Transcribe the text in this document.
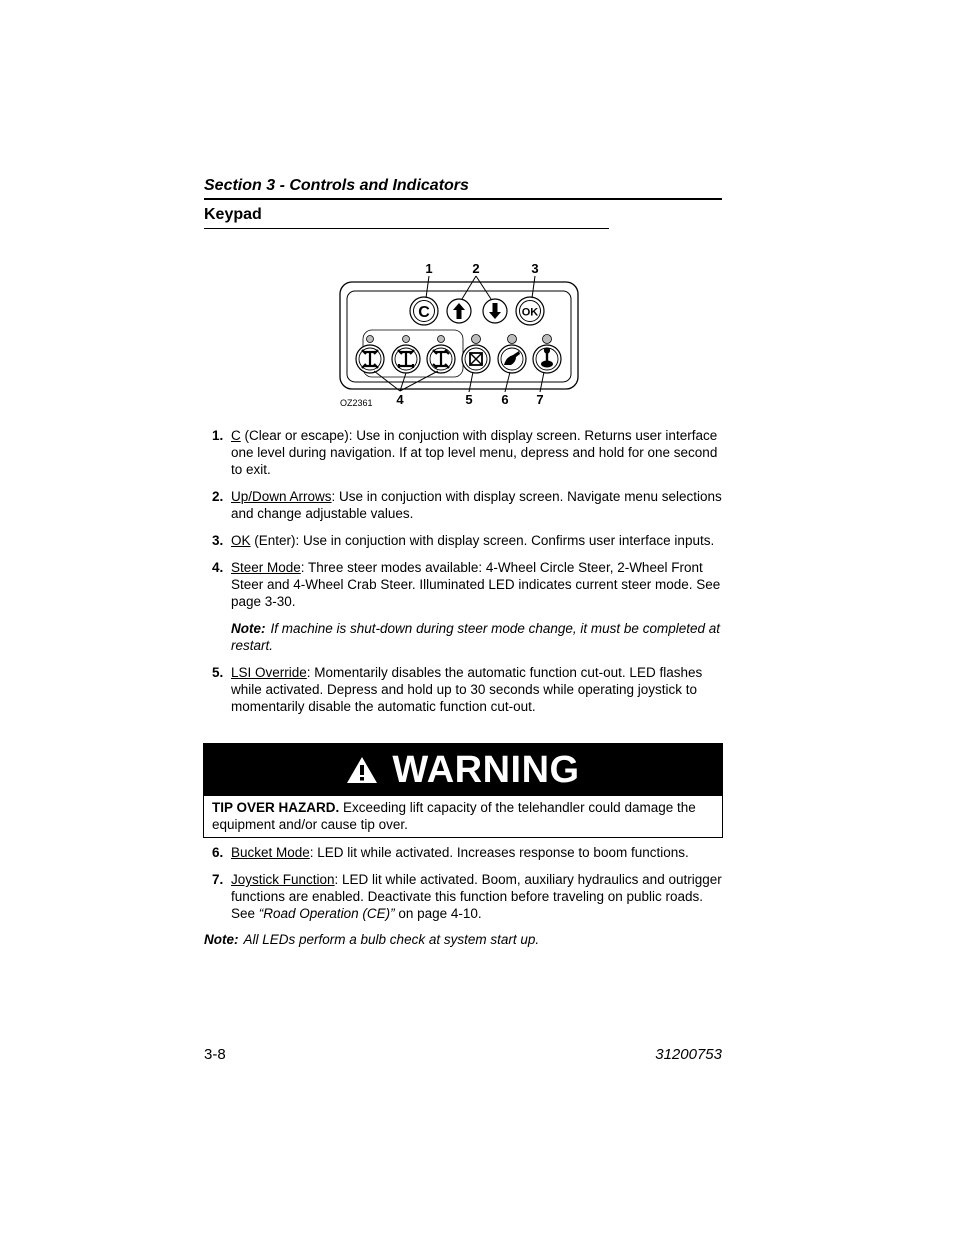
Section 3 - Controls and Indicators
Keypad
C	OK
1	2	3
4	5 6 7
OZ2361
1. C (Clear or escape): Use in conjuction with display screen. Returns user interface one level during navigation. If at top level menu, depress and hold for one second to exit.
2. Up/Down Arrows: Use in conjuction with display screen. Navigate menu selections and change adjustable values.
3. OK (Enter): Use in conjuction with display screen. Confirms user interface inputs.
4. Steer Mode: Three steer modes available: 4-Wheel Circle Steer, 2-Wheel Front Steer and 4-Wheel Crab Steer. Illuminated LED indicates current steer mode. See page 3-30.
Note: If machine is shut-down during steer mode change, it must be completed at restart.
5. LSI Override: Momentarily disables the automatic function cut-out. LED flashes while activated. Depress and hold up to 30 seconds while operating joystick to momentarily disable the automatic function cut-out.
WARNING
TIP OVER HAZARD. Exceeding lift capacity of the telehandler could damage the equipment and/or cause tip over.
6. Bucket Mode: LED lit while activated. Increases response to boom functions.
7. Joystick Function: LED lit while activated. Boom, auxiliary hydraulics and outrigger functions are enabled. Deactivate this function before traveling on public roads. See “Road Operation (CE)” on page 4-10.
Note: All LEDs perform a bulb check at system start up.
3-8	31200753
